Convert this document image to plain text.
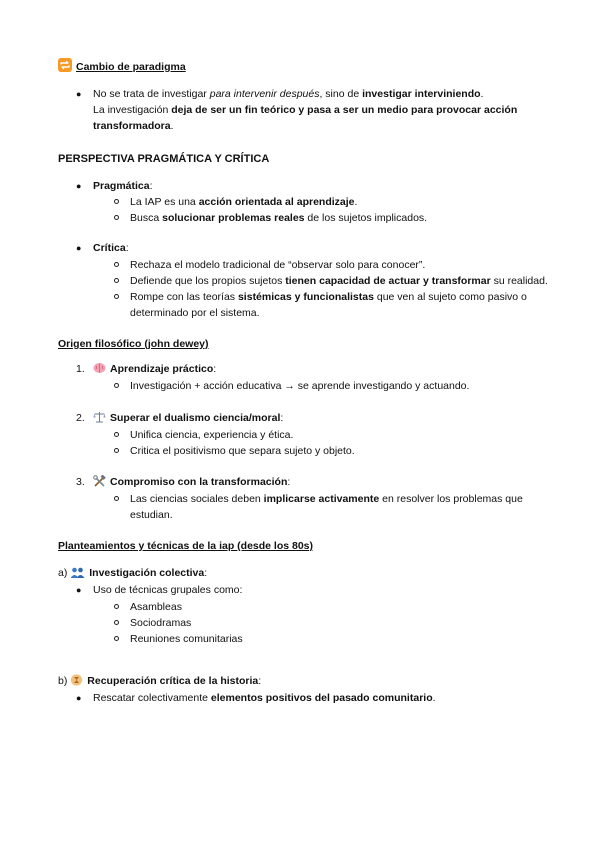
Cambio de paradigma
● No se trata de investigar para intervenir después, sino de investigar interviniendo.
La investigación deja de ser un fin teórico y pasa a ser un medio para provocar acción
transformadora.
PERSPECTIVA PRAGMÁTICA Y CRÍTICA
● Pragmática:
La IAP es una acción orientada al aprendizaje.
Busca solucionar problemas reales de los sujetos implicados.
● Crítica:
Rechaza el modelo tradicional de “observar solo para conocer”.
Defiende que los propios sujetos tienen capacidad de actuar y transformar su realidad.
Rompe con las teorías sistémicas y funcionalistas que ven al sujeto como pasivo o
determinado por el sistema.
Origen filosófico (john dewey)
1.	Aprendizaje práctico:
Investigación + acción educativa → se aprende investigando y actuando.
2.	Superar el dualismo ciencia/moral:
Unifica ciencia, experiencia y ética.
Critica el positivismo que separa sujeto y objeto.
3.	Compromiso con la transformación:
Las ciencias sociales deben implicarse activamente en resolver los problemas que
estudian.
Planteamientos y técnicas de la iap (desde los 80s)
a) Investigación colectiva:
● Uso de técnicas grupales como:
Asambleas
Sociodramas
Reuniones comunitarias
b) Recuperación crítica de la historia:
● Rescatar colectivamente elementos positivos del pasado comunitario.
